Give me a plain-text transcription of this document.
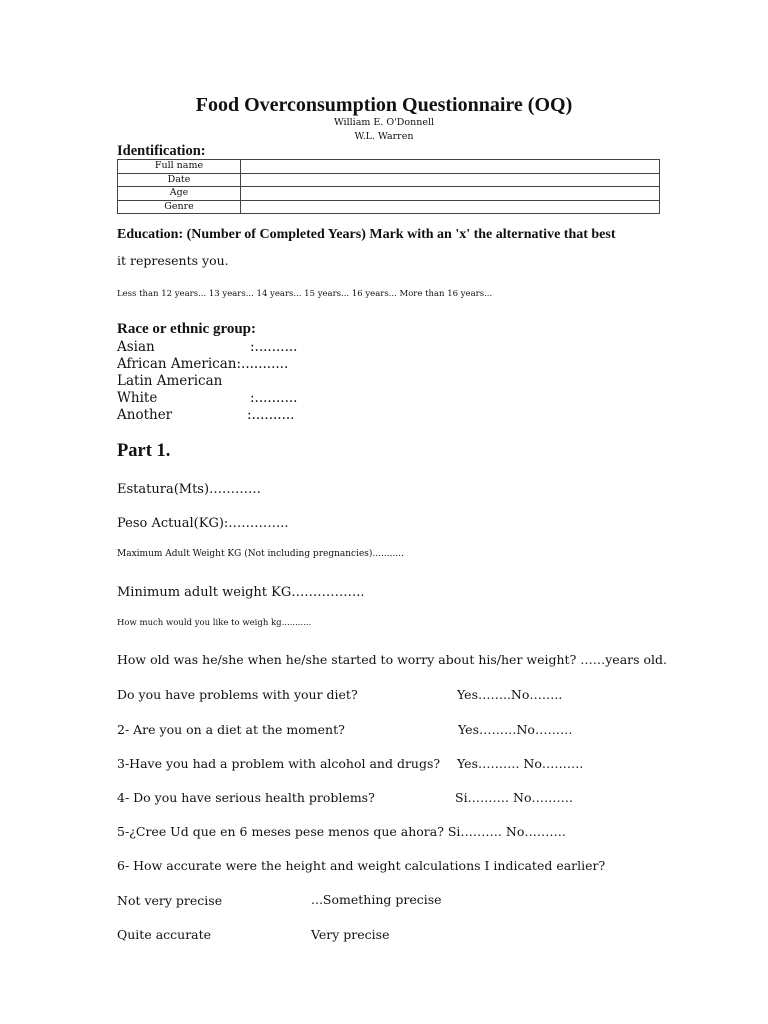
Food Overconsumption Questionnaire (OQ)
William E. O'Donnell
W.L. Warren
Identification:
Full name	
Date	
Age	
Genre	
Education: (Number of Completed Years) Mark with an 'x' the alternative that best
it represents you.
Less than 12 years... 13 years... 14 years... 15 years... 16 years... More than 16 years...
Race or ethnic group:
Asian	:..........
African American:...........
Latin American
White	:..........
Another	:..........
Part 1.
Estatura(Mts)…………
Peso Actual(KG):…………..
Maximum Adult Weight KG (Not including pregnancies)...........
Minimum adult weight KG……………..
How much would you like to weigh kg...........
How old was he/she when he/she started to worry about his/her weight? ……years old.
Do you have problems with your diet?	Yes……..No……..
2- Are you on a diet at the moment?	Yes………No………
3-Have you had a problem with alcohol and drugs? Yes………. No……….
4- Do you have serious health problems?	Si………. No……….
5-¿Cree Ud que en 6 meses pese menos que ahora? Si………. No……….
6- How accurate were the height and weight calculations I indicated earlier?
Not very precise	...Something precise
Quite accurate	Very precise
